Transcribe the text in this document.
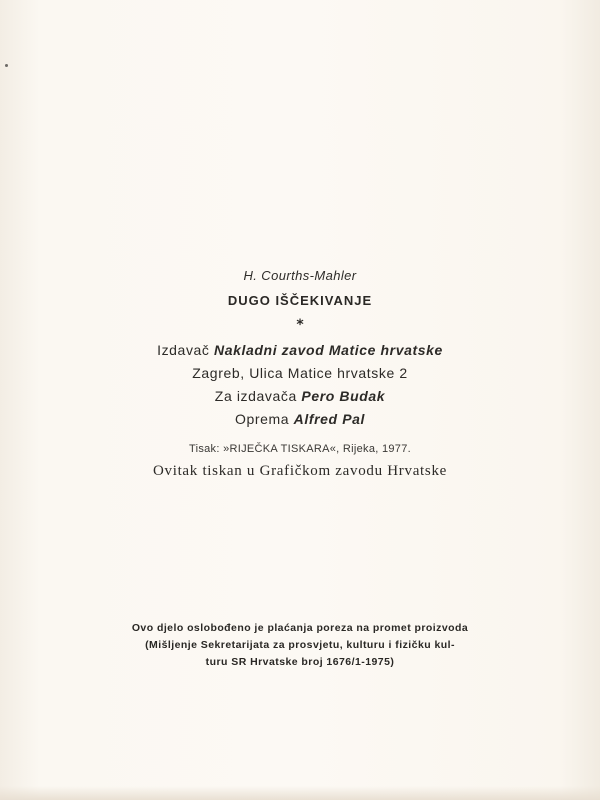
H. Courths-Mahler
DUGO IŠČEKIVANJE
*
Izdavač Nakladni zavod Matice hrvatske
Zagreb, Ulica Matice hrvatske 2
Za izdavača Pero Budak
Oprema Alfred Pal
Tisak: »RIJEČKA TISKARA«, Rijeka, 1977.
Ovitak tiskan u Grafičkom zavodu Hrvatske
Ovo djelo oslobođeno je plaćanja poreza na promet proizvoda
(Mišljenje Sekretarijata za prosvjetu, kulturu i fizičku kul-
turu SR Hrvatske broj 1676/1-1975)
